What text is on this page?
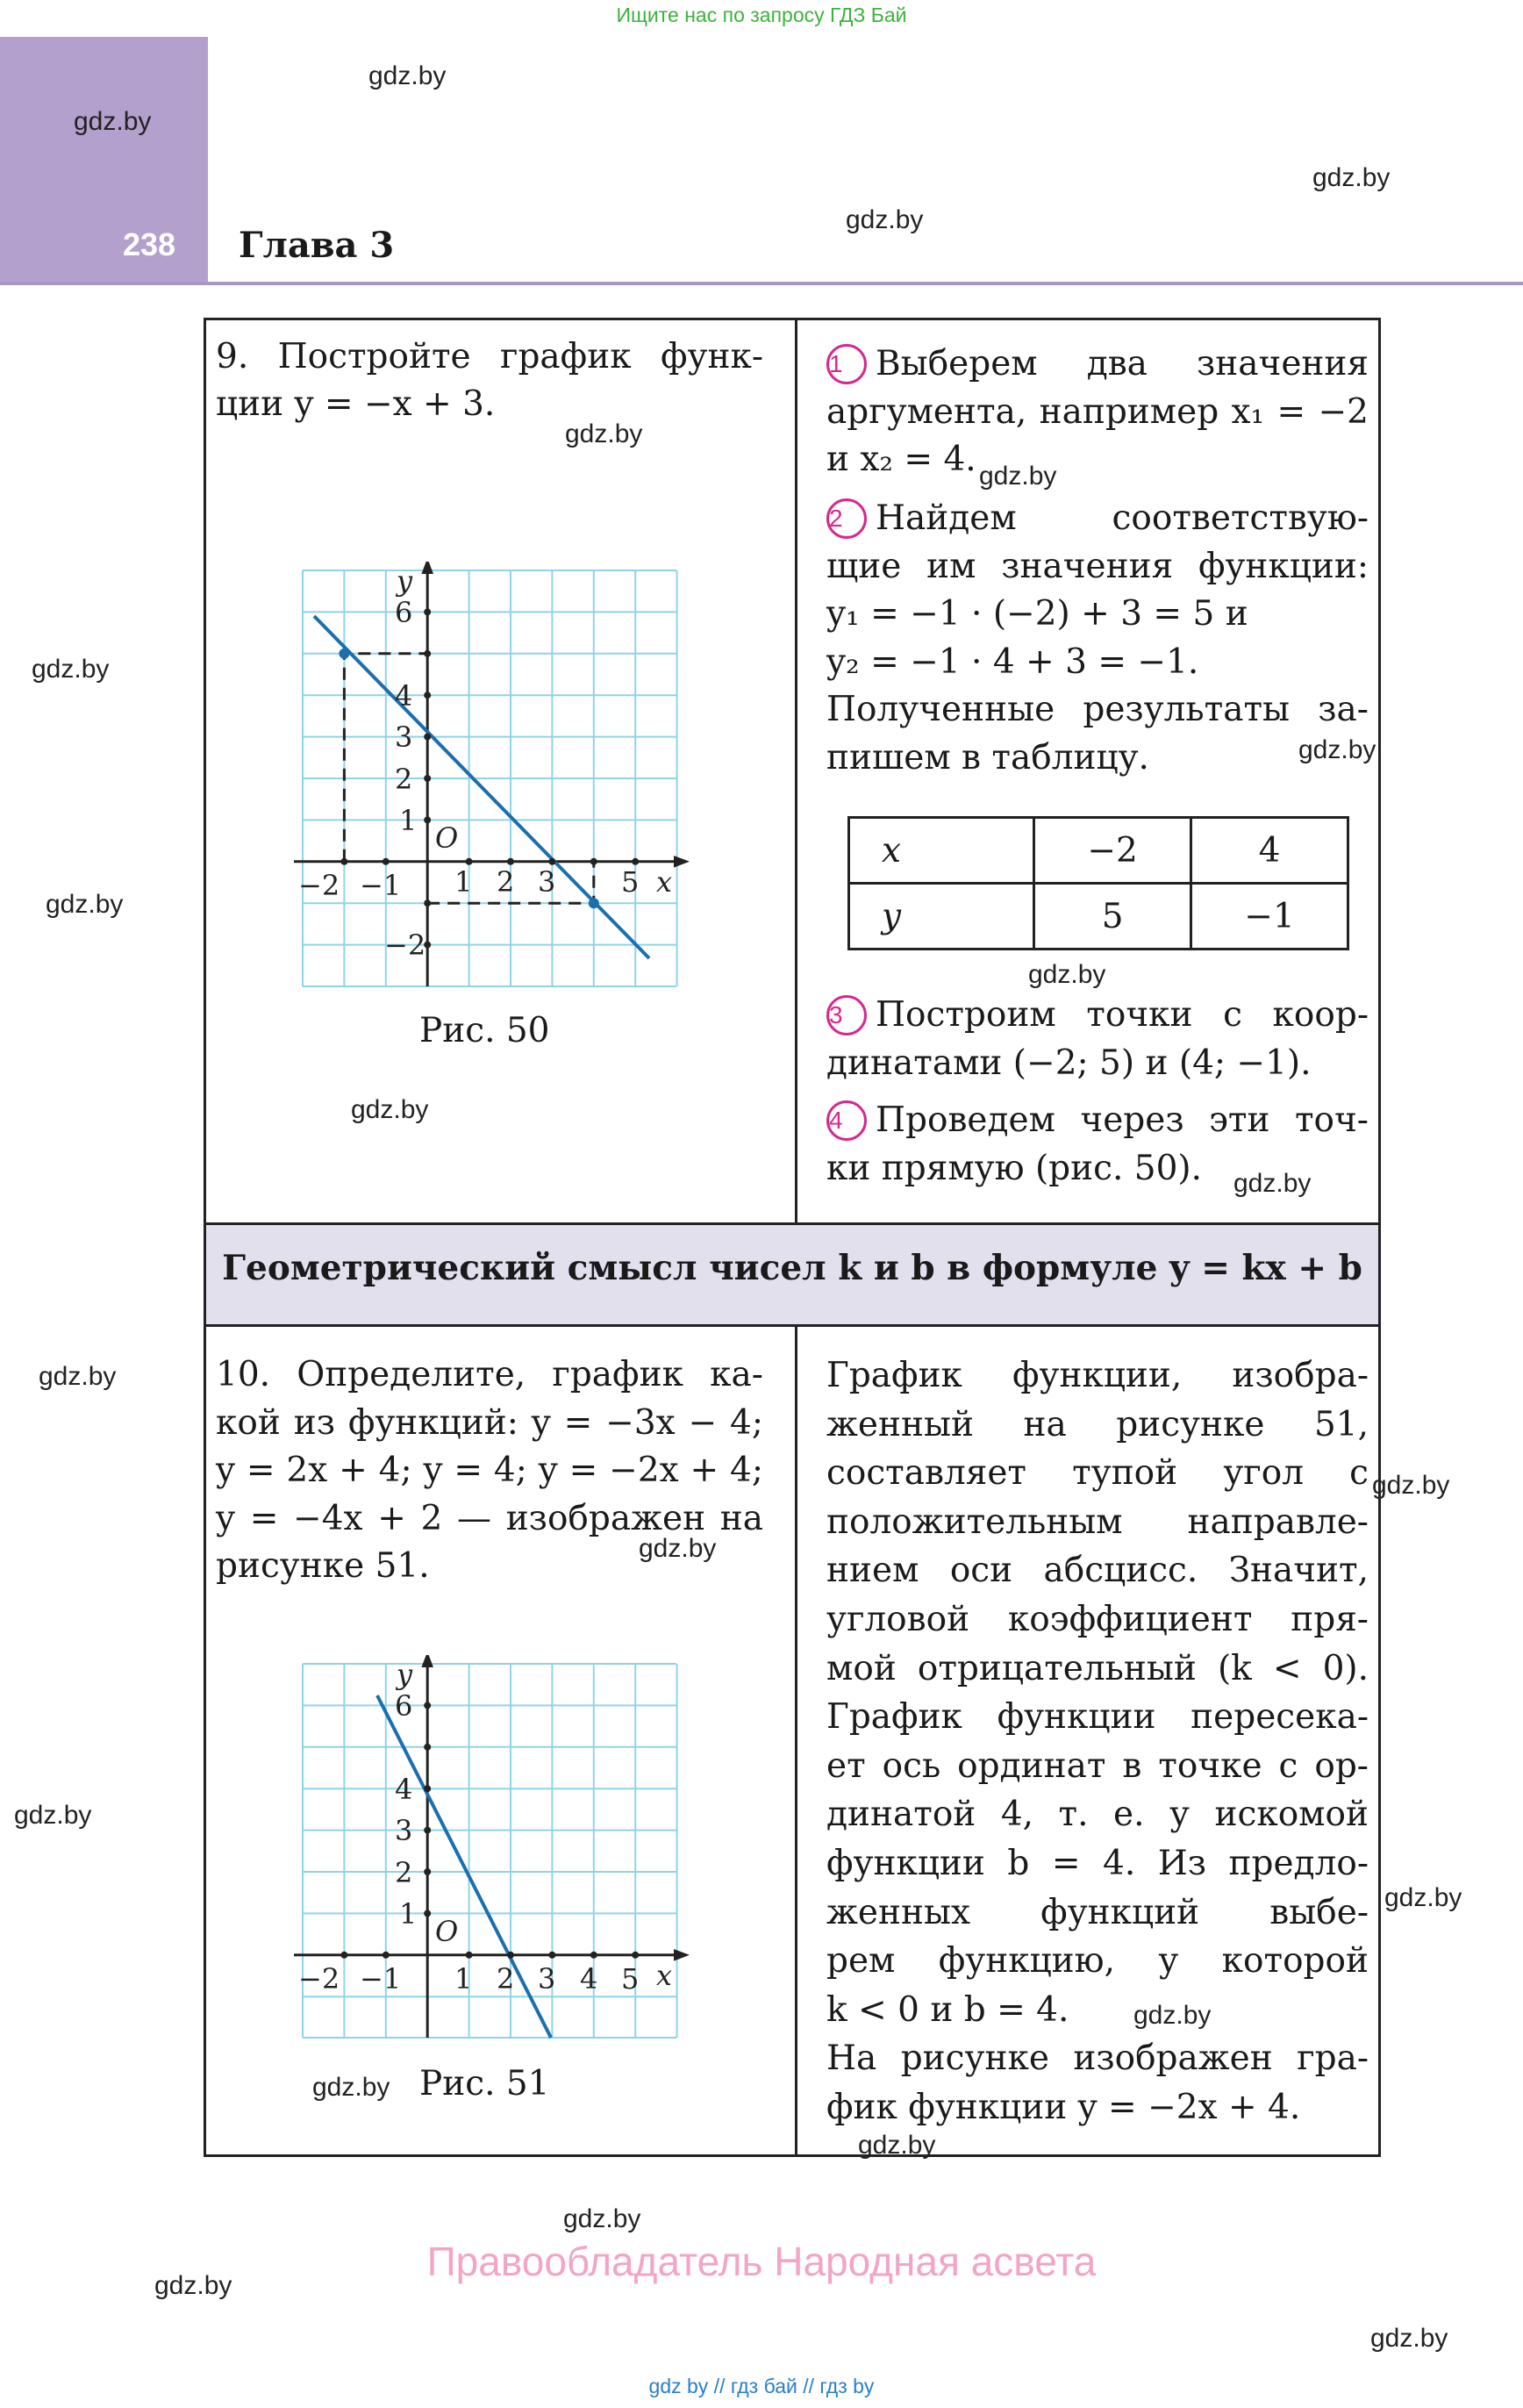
Ищите нас по запросу ГДЗ Бай
238 Глава 3
gdz.by
gdz.by
gdz.by
gdz.by
gdz.by
gdz.by
gdz.by
gdz.by
gdz.by
gdz.by
gdz.by
gdz.by
gdz.by
gdz.by
gdz.by
gdz.by
gdz.by
gdz.by
gdz.by
gdz.by
gdz.by
gdz.by
gdz.by
Геометрический смысл чисел k и b в формуле y = kx + b
9. Постройте график функ-
ции y = −x + 3.
−2 −1 1 2 3 5 x
6
4
3
2
1
−2
y
O
Рис. 50
1 Выберем два значения
аргумента, например x₁ = −2
и x₂ = 4.
2 Найдем соответствую-
щие им значения функции:
y₁ = −1 · (−2) + 3 = 5 и
y₂ = −1 · 4 + 3 = −1.
Полученные результаты за-
пишем в таблицу.
x	−2	4
y	5	−1
3 Построим точки с коор-
динатами (−2; 5) и (4; −1).
4 Проведем через эти точ-
ки прямую (рис. 50).
10. Определите, график ка-
кой из функций: y = −3x − 4;
y = 2x + 4; y = 4; y = −2x + 4;
y = −4x + 2 — изображен на
рисунке 51.
−2 −1 1 2 3 4 5 x
6
4
3
2
1
y
O
Рис. 51
График функции, изобра-
женный на рисунке 51,
составляет тупой угол с
положительным направле-
нием оси абсцисс. Значит,
угловой коэффициент пря-
мой отрицательный (k < 0).
График функции пересека-
ет ось ординат в точке с ор-
динатой 4, т. е. у искомой
функции b = 4. Из предло-
женных функций выбе-
рем функцию, у которой
k < 0 и b = 4.
На рисунке изображен гра-
фик функции y = −2x + 4.
Правообладатель Народная асвета
gdz by // гдз бай // гдз by
